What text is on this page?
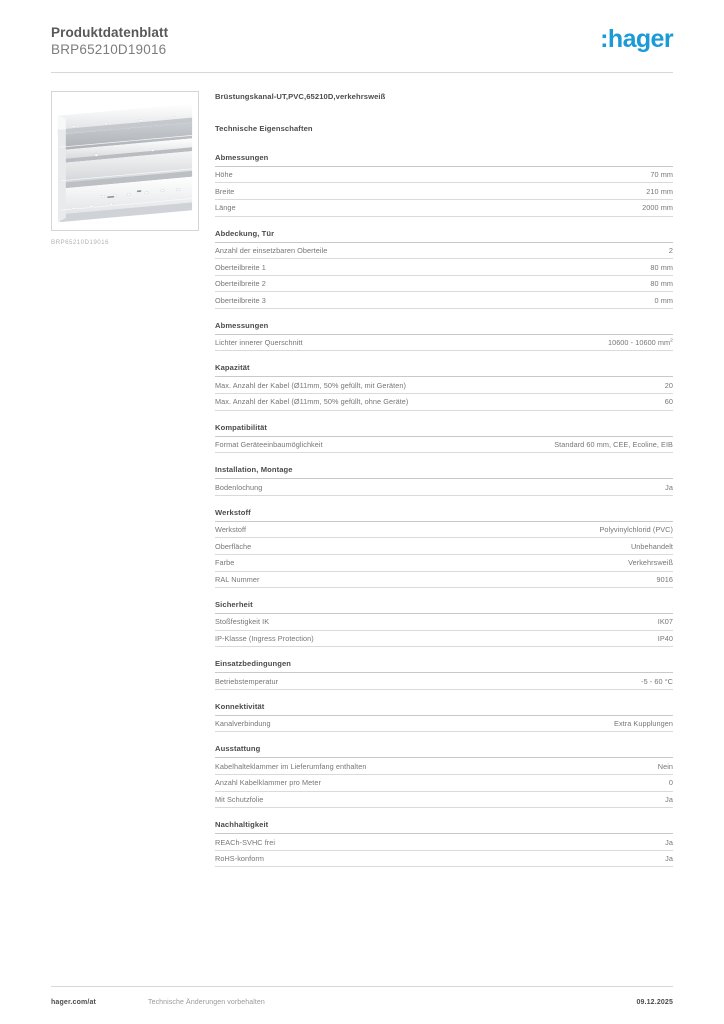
Produktdatenblatt
BRP65210D19016	: hager
BRP65210D19016
Brüstungskanal-UT,PVC,65210D,verkehrsweiß
Technische Eigenschaften
Abmessungen
Höhe	70 mm
Breite	210 mm
Länge	2000 mm
Abdeckung, Tür
Anzahl der einsetzbaren Oberteile	2
Oberteilbreite 1	80 mm
Oberteilbreite 2	80 mm
Oberteilbreite 3	0 mm
Abmessungen
Lichter innerer Querschnitt	10600 - 10600 $mm^2$
Kapazität
Max. Anzahl der Kabel (Ø11mm, 50% gefüllt, mit Geräten)	20
Max. Anzahl der Kabel (Ø11mm, 50% gefüllt, ohne Geräte)	60
Kompatibilität
Format Geräteeinbaumöglichkeit	Standard 60 mm, CEE, Ecoline, EIB
Installation, Montage
Bodenlochung	Ja
Werkstoff
Werkstoff	Polyvinylchlorid (PVC)
Oberfläche	Unbehandelt
Farbe	Verkehrsweiß
RAL Nummer	9016
Sicherheit
Stoßfestigkeit IK	IK07
IP-Klasse (Ingress Protection)	IP40
Einsatzbedingungen
Betriebstemperatur	-5 - 60 °C
Konnektivität
Kanalverbindung	Extra Kupplungen
Ausstattung
Kabelhalteklammer im Lieferumfang enthalten	Nein
Anzahl Kabelklammer pro Meter	0
Mit Schutzfolie	Ja
Nachhaltigkeit
REACh-SVHC frei	Ja
RoHS-konform	Ja
hager.com/at	Technische Änderungen vorbehalten	09.12.2025
